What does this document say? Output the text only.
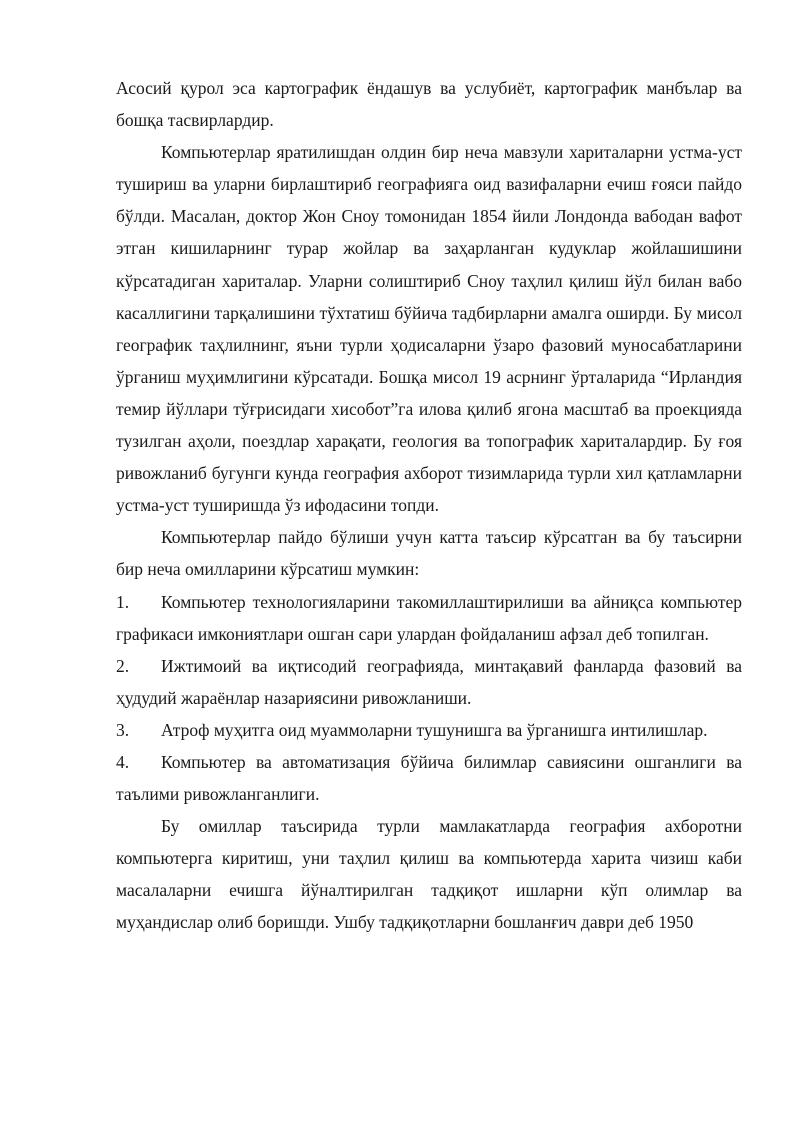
Асосий қурол эса картографик ёндашув ва услубиёт, картографик манбълар ва бошқа тасвирлардир.

Компьютерлар яратилишдан олдин бир неча мавзули хариталарни устма-уст тушириш ва уларни бирлаштириб географияга оид вазифаларни ечиш ғояси пайдо бўлди. Масалан, доктор Жон Сноу томонидан 1854 йили Лондонда вабодан вафот этган кишиларнинг турар жойлар ва заҳарланган кудуклар жойлашишини кўрсатадиган хариталар. Уларни солиштириб Сноу таҳлил қилиш йўл билан вабо касаллигини тарқалишини тўхтатиш бўйича тадбирларни амалга оширди. Бу мисол географик таҳлилнинг, яъни турли ҳодисаларни ўзаро фазовий муносабатларини ўрганиш муҳимлигини кўрсатади. Бошқа мисол 19 асрнинг ўрталарида “Ирландия темир йўллари тўғрисидаги хисобот”га илова қилиб ягона масштаб ва проекцияда тузилган аҳоли, поездлар харақати, геология ва топографик хариталардир. Бу ғоя ривожланиб бугунги кунда география ахборот тизимларида турли хил қатламларни устма-уст туширишда ўз ифодасини топди.

Компьютерлар пайдо бўлиши учун катта таъсир кўрсатган ва бу таъсирни бир неча омилларини кўрсатиш мумкин:

1. Компьютер технологияларини такомиллаштирилиши ва айниқса компьютер графикаси имкониятлари ошган сари улардан фойдаланиш афзал деб топилган.

2. Ижтимоий ва иқтисодий географияда, минтақавий фанларда фазовий ва ҳудудий жараёнлар назариясини ривожланиши.

3. Атроф муҳитга оид муаммоларни тушунишга ва ўрганишга интилишлар.

4. Компьютер ва автоматизация бўйича билимлар савиясини ошганлиги ва таълими ривожланганлиги.

Бу омиллар таъсирида турли мамлакатларда география ахборотни компьютерга киритиш, уни таҳлил қилиш ва компьютерда харита чизиш каби масалаларни ечишга йўналтирилган тадқиқот ишларни кўп олимлар ва муҳандислар олиб боришди. Ушбу тадқиқотларни бошланғич даври деб 1950
